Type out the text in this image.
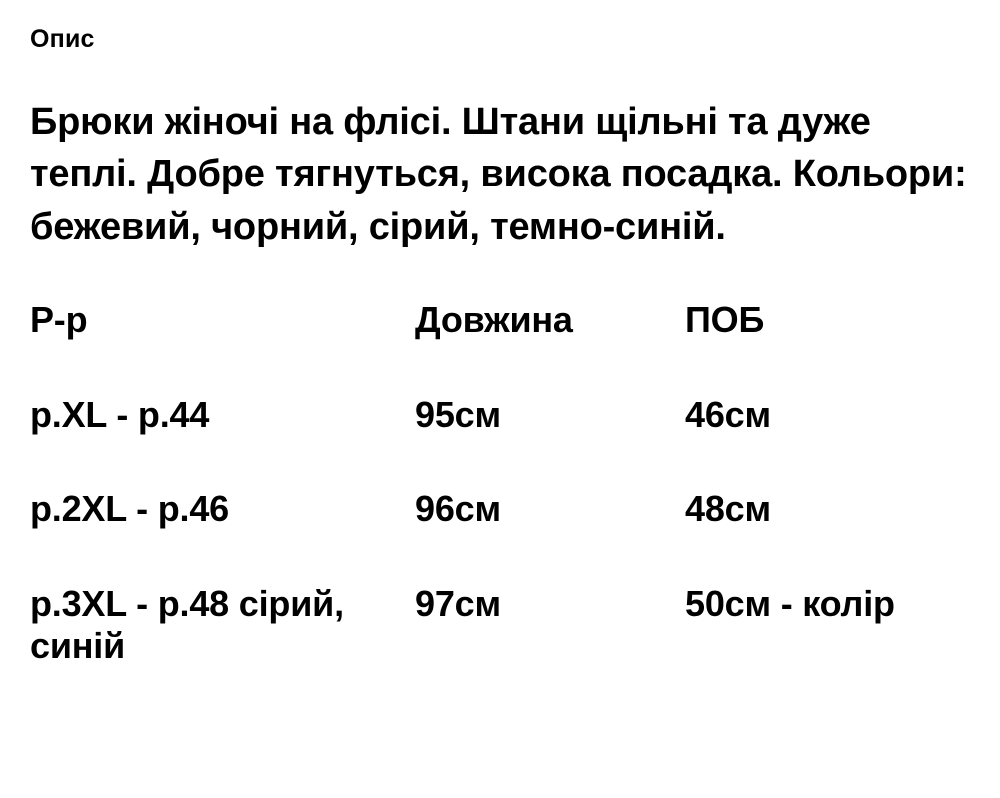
Опис

Брюки жіночі на флісі. Штани щільні та дуже теплі. Добре тягнуться, висока посадка. Кольори: бежевий, чорний, сірий, темно-синій.

Р-р	Довжина	ПОБ
р.XL - р.44	95см	46см
р.2XL - р.46	96см	48см
р.3XL - р.48 сірий, синій	97см	50см - колір
